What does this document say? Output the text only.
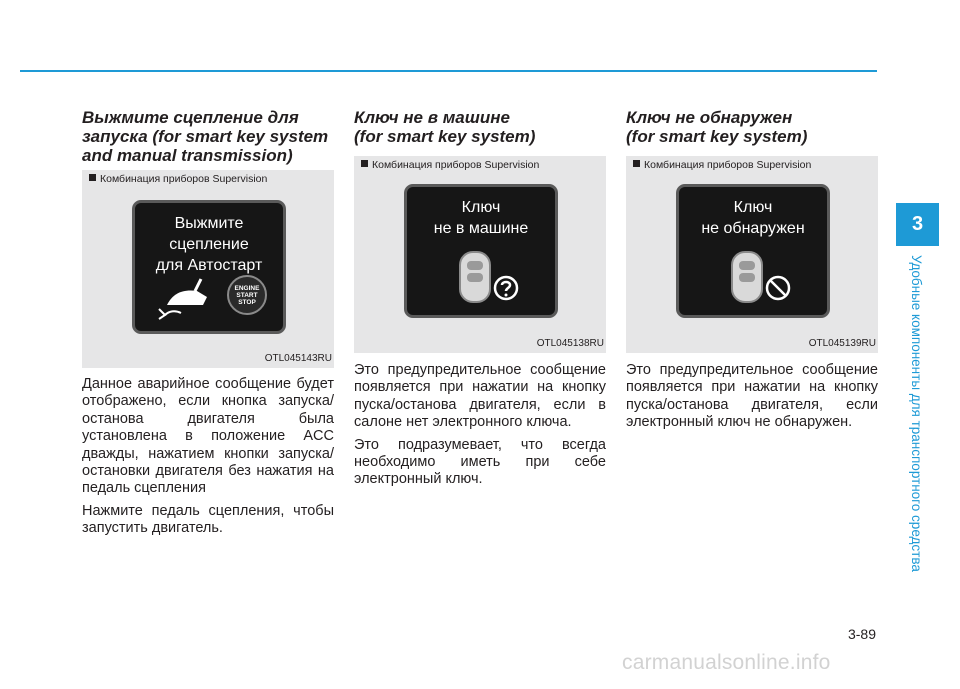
Выжмите сцепление для
запуска (for smart key system
and manual transmission)
Комбинация приборов Supervision
Выжмите
сцепление
для Автостарт
ENGINE
START
STOP
OTL045143RU

Данное аварийное сообщение будет отображено, если кнопка запуска/останова двигателя была установлена в положение ACC дважды, нажатием кнопки запуска/остановки двигателя без нажатия на педаль сцепления

Нажмите педаль сцепления, чтобы запустить двигатель.

Ключ не в машине
(for smart key system)
Комбинация приборов Supervision
Ключ
не в машине
OTL045138RU

Это предупредительное сообщение появляется при нажатии на кнопку пуска/останова двигателя, если в салоне нет электронного ключа.

Это подразумевает, что всегда необходимо иметь при себе электронный ключ.

Ключ не обнаружен
(for smart key system)
Комбинация приборов Supervision
Ключ
не обнаружен
OTL045139RU

Это предупредительное сообщение появляется при нажатии на кнопку пуска/останова двигателя, если электронный ключ не обнаружен.

3
Удобные компоненты для транспортного средства
3-89
carmanualsonline.info
